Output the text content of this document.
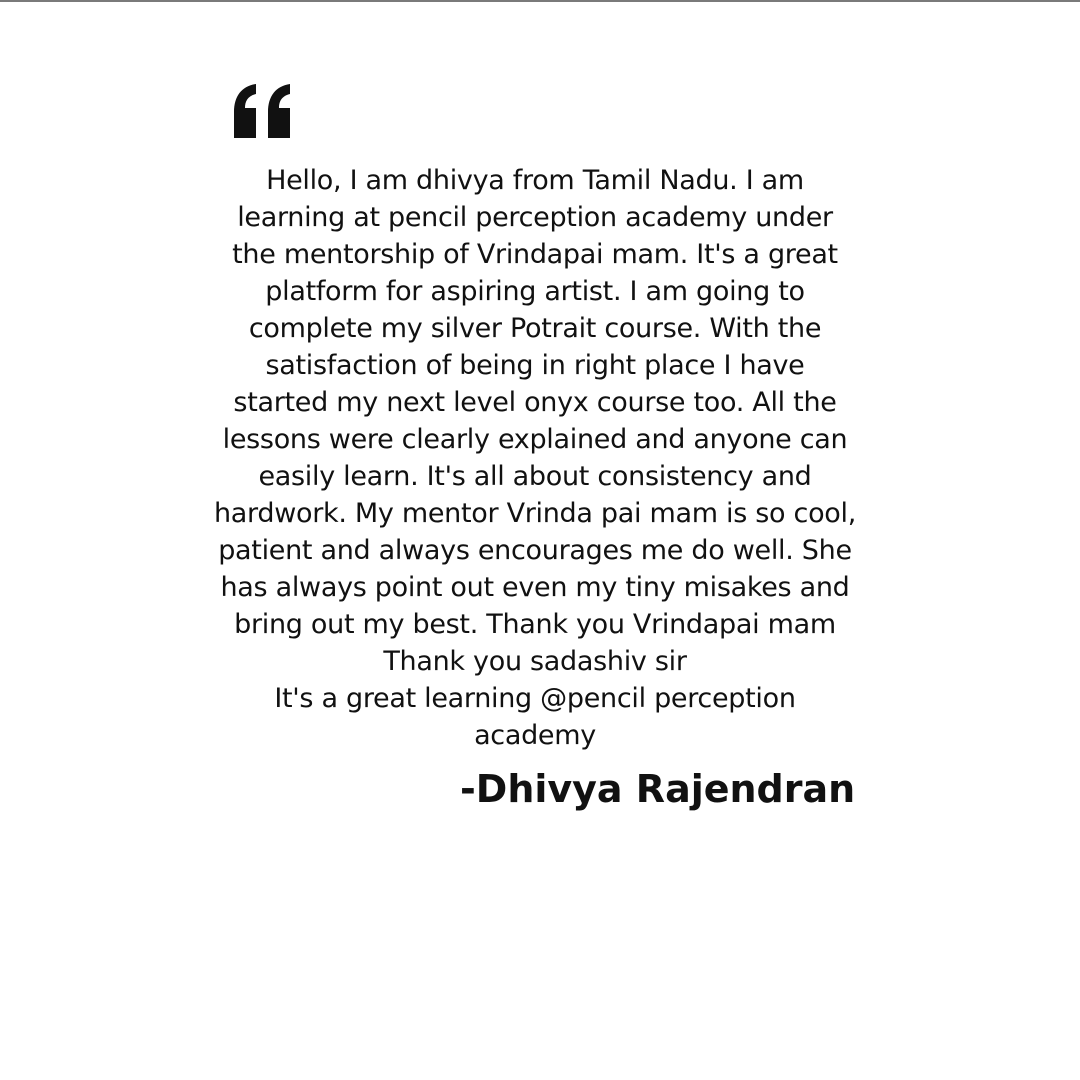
Hello, I am dhivya from Tamil Nadu. I am
learning at pencil perception academy under
the mentorship of Vrindapai mam. It's a great
platform for aspiring artist. I am going to
complete my silver Potrait course. With the
satisfaction of being in right place I have
started my next level onyx course too. All the
lessons were clearly explained and anyone can
easily learn. It's all about consistency and
hardwork. My mentor Vrinda pai mam is so cool,
patient and always encourages me do well. She
has always point out even my tiny misakes and
bring out my best. Thank you Vrindapai mam
Thank you sadashiv sir
It's a great learning @pencil perception
academy

-Dhivya Rajendran
